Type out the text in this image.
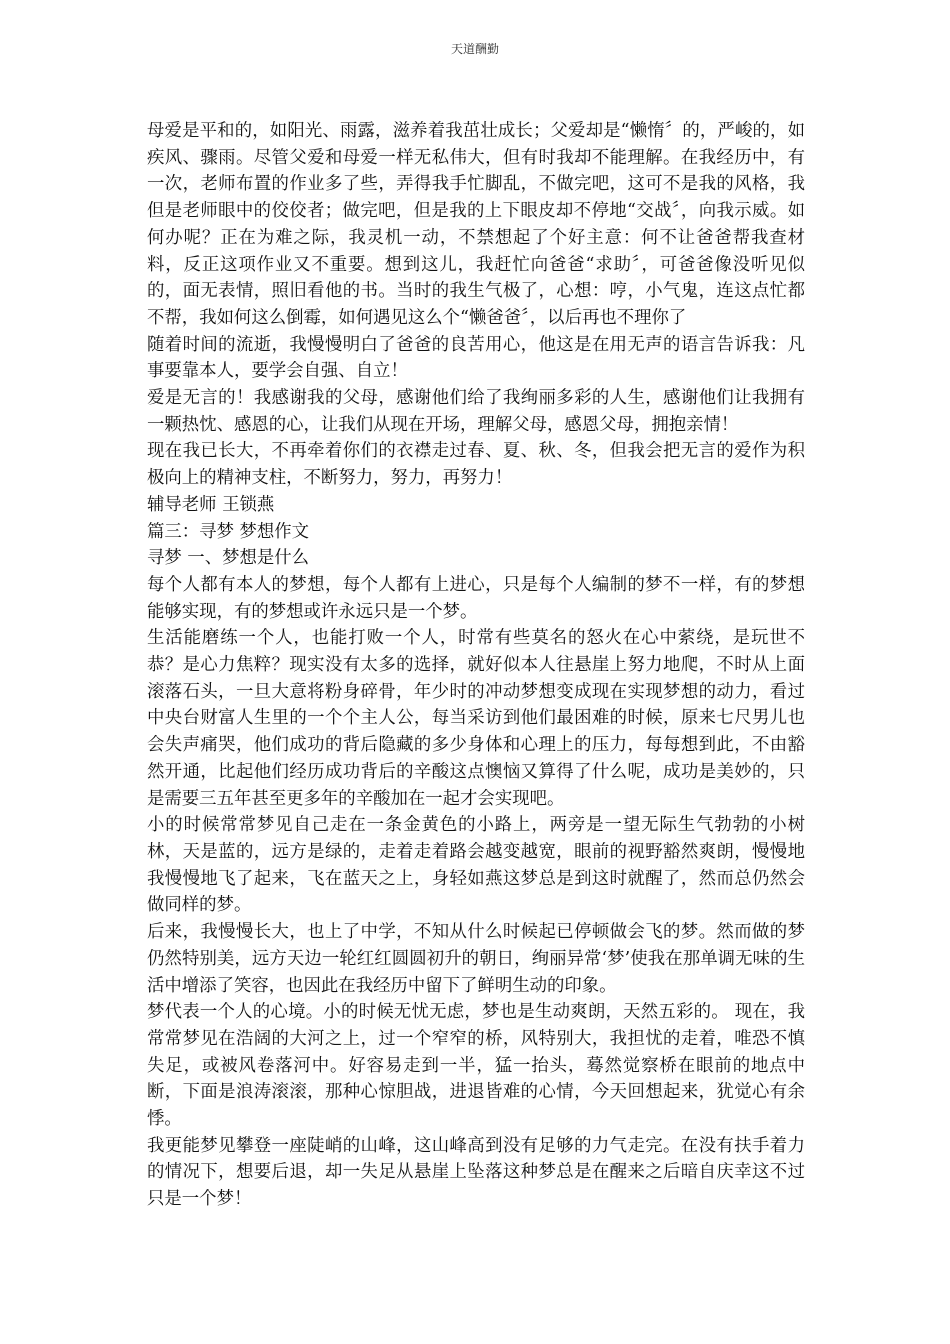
天道酬勤

母爱是平和的，如阳光、雨露，滋养着我茁壮成长；父爱却是“懒惰〞的，严峻的，如疾风、骤雨。尽管父爱和母爱一样无私伟大，但有时我却不能理解。在我经历中，有一次，老师布置的作业多了些，弄得我手忙脚乱，不做完吧，这可不是我的风格，我但是老师眼中的佼佼者；做完吧，但是我的上下眼皮却不停地“交战〞，向我示威。如何办呢？正在为难之际，我灵机一动，不禁想起了个好主意：何不让爸爸帮我查材料，反正这项作业又不重要。想到这儿，我赶忙向爸爸“求助〞，可爸爸像没听见似的，面无表情，照旧看他的书。当时的我生气极了，心想：哼，小气鬼，连这点忙都不帮，我如何这么倒霉，如何遇见这么个“懒爸爸〞，以后再也不理你了

随着时间的流逝，我慢慢明白了爸爸的良苦用心，他这是在用无声的语言告诉我：凡事要靠本人，要学会自强、自立！

爱是无言的！我感谢我的父母，感谢他们给了我绚丽多彩的人生，感谢他们让我拥有一颗热忱、感恩的心，让我们从现在开场，理解父母，感恩父母，拥抱亲情！

现在我已长大，不再牵着你们的衣襟走过春、夏、秋、冬，但我会把无言的爱作为积极向上的精神支柱，不断努力，努力，再努力！

辅导老师 王锁燕

篇三：寻梦 梦想作文

寻梦 一、梦想是什么

每个人都有本人的梦想，每个人都有上进心，只是每个人编制的梦不一样，有的梦想能够实现，有的梦想或许永远只是一个梦。

生活能磨练一个人，也能打败一个人，时常有些莫名的怒火在心中萦绕，是玩世不恭？是心力焦粹？现实没有太多的选择，就好似本人往悬崖上努力地爬，不时从上面滚落石头，一旦大意将粉身碎骨，年少时的冲动梦想变成现在实现梦想的动力，看过中央台财富人生里的一个个主人公，每当采访到他们最困难的时候，原来七尺男儿也会失声痛哭，他们成功的背后隐藏的多少身体和心理上的压力，每每想到此，不由豁然开通，比起他们经历成功背后的辛酸这点懊恼又算得了什么呢，成功是美妙的，只是需要三五年甚至更多年的辛酸加在一起才会实现吧。

小的时候常常梦见自己走在一条金黄色的小路上，两旁是一望无际生气勃勃的小树林，天是蓝的，远方是绿的，走着走着路会越变越宽，眼前的视野豁然爽朗，慢慢地我慢慢地飞了起来，飞在蓝天之上，身轻如燕这梦总是到这时就醒了，然而总仍然会做同样的梦。

后来，我慢慢长大，也上了中学，不知从什么时候起已停顿做会飞的梦。然而做的梦仍然特别美，远方天边一轮红红圆圆初升的朝日，绚丽异常‘梦’使我在那单调无味的生活中增添了笑容，也因此在我经历中留下了鲜明生动的印象。

梦代表一个人的心境。小的时候无忧无虑，梦也是生动爽朗，天然五彩的。 现在，我常常梦见在浩阔的大河之上，过一个窄窄的桥，风特别大，我担忧的走着，唯恐不慎失足，或被风卷落河中。好容易走到一半，猛一抬头，蓦然觉察桥在眼前的地点中断，下面是浪涛滚滚，那种心惊胆战，进退皆难的心情，今天回想起来，犹觉心有余悸。

我更能梦见攀登一座陡峭的山峰，这山峰高到没有足够的力气走完。在没有扶手着力的情况下，想要后退，却一失足从悬崖上坠落这种梦总是在醒来之后暗自庆幸这不过只是一个梦！
